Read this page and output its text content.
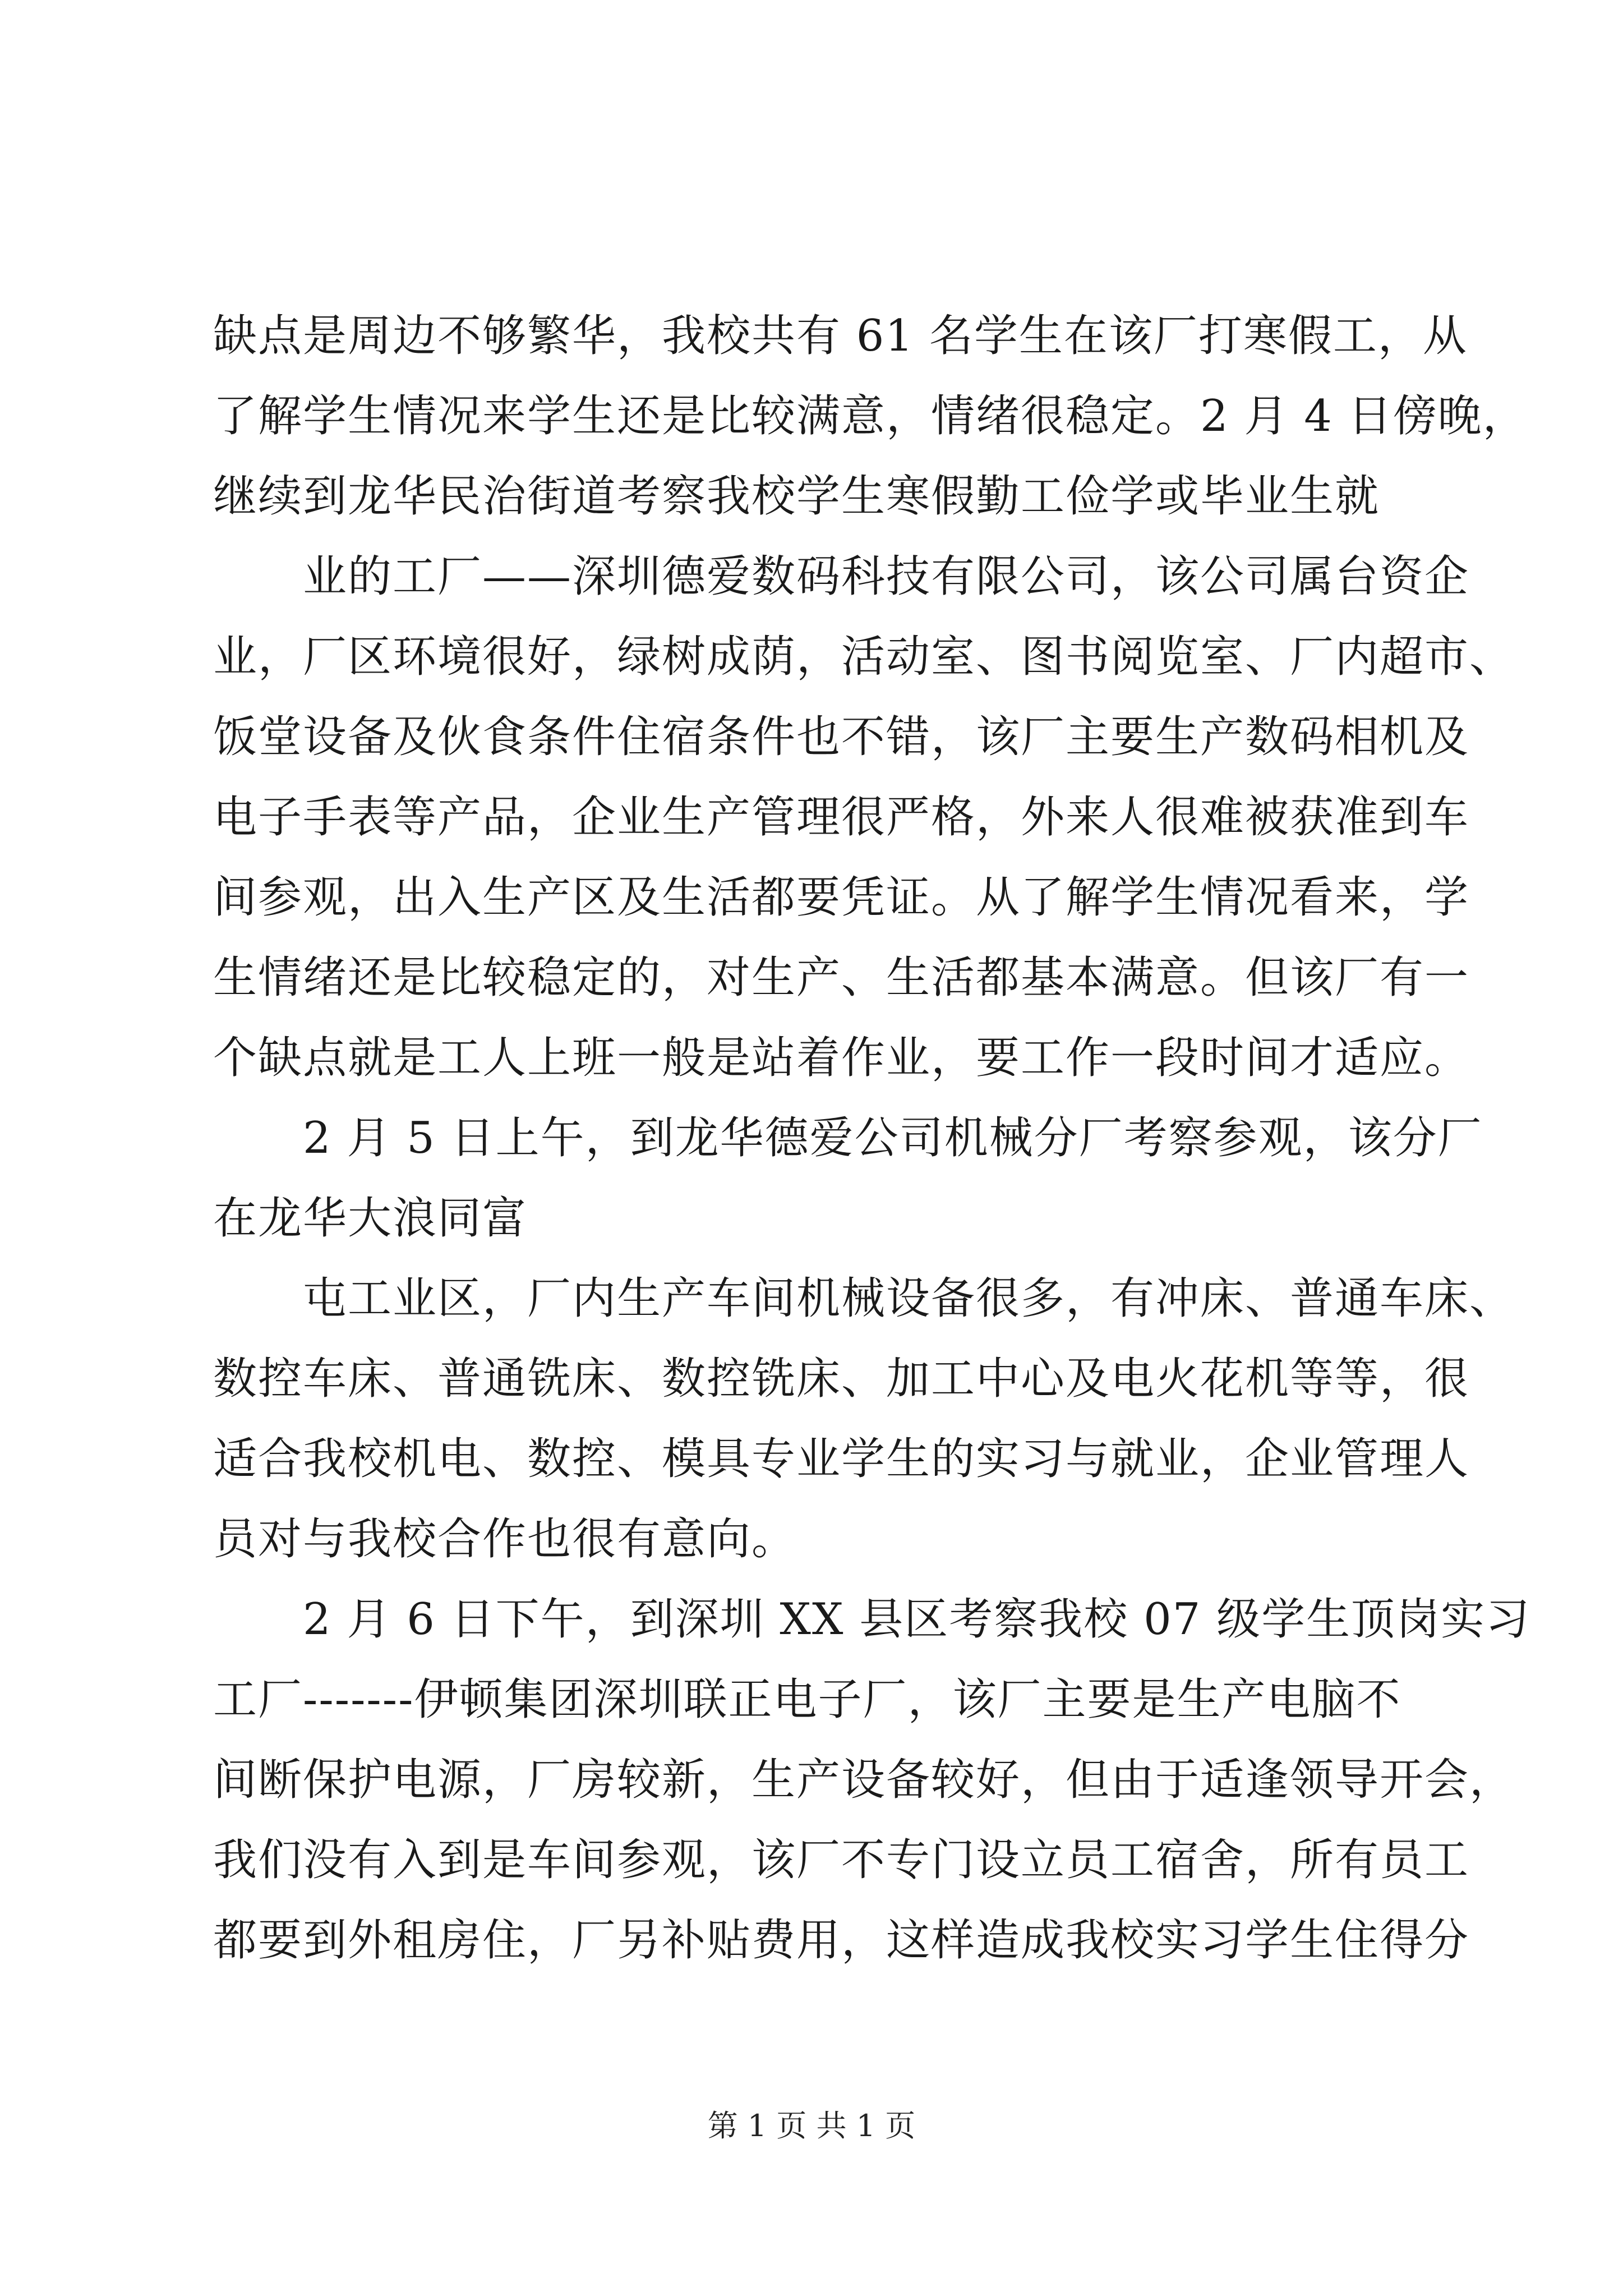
缺点是周边不够繁华，我校共有 61 名学生在该厂打寒假工，从
了解学生情况来学生还是比较满意，情绪很稳定。2 月 4 日傍晚，
继续到龙华民治街道考察我校学生寒假勤工俭学或毕业生就
业的工厂——深圳德爱数码科技有限公司，该公司属台资企
业，厂区环境很好，绿树成荫，活动室、图书阅览室、厂内超市、
饭堂设备及伙食条件住宿条件也不错，该厂主要生产数码相机及
电子手表等产品，企业生产管理很严格，外来人很难被获准到车
间参观，出入生产区及生活都要凭证。从了解学生情况看来，学
生情绪还是比较稳定的，对生产、生活都基本满意。但该厂有一
个缺点就是工人上班一般是站着作业，要工作一段时间才适应。
2 月 5 日上午，到龙华德爱公司机械分厂考察参观，该分厂
在龙华大浪同富
屯工业区，厂内生产车间机械设备很多，有冲床、普通车床、
数控车床、普通铣床、数控铣床、加工中心及电火花机等等，很
适合我校机电、数控、模具专业学生的实习与就业，企业管理人
员对与我校合作也很有意向。
2 月 6 日下午，到深圳 XX 县区考察我校 07 级学生顶岗实习
工厂-------伊顿集团深圳联正电子厂，该厂主要是生产电脑不
间断保护电源，厂房较新，生产设备较好，但由于适逢领导开会，
我们没有入到是车间参观，该厂不专门设立员工宿舍，所有员工
都要到外租房住，厂另补贴费用，这样造成我校实习学生住得分
第 1 页 共 1 页
